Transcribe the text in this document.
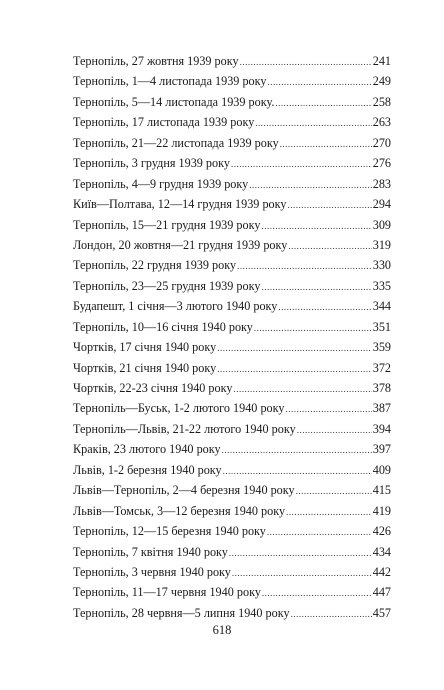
Тернопіль, 27 жовтня 1939 року .....	241
Тернопіль, 1—4 листопада 1939 року .....	249
Тернопіль, 5—14 листопада 1939 року. .....	258
Тернопіль, 17 листопада 1939 року .....	263
Тернопіль, 21—22 листопада 1939 року .....	270
Тернопіль, 3 грудня 1939 року .....	276
Тернопіль, 4—9 грудня 1939 року .....	283
Київ—Полтава, 12—14 грудня 1939 року .....	294
Тернопіль, 15—21 грудня 1939 року .....	309
Лондон, 20 жовтня—21 грудня 1939 року .....	319
Тернопіль, 22 грудня 1939 року .....	330
Тернопіль, 23—25 грудня 1939 року .....	335
Будапешт, 1 січня—3 лютого 1940 року .....	344
Тернопіль, 10—16 січня 1940 року .....	351
Чортків, 17 січня 1940 року .....	359
Чортків, 21 січня 1940 року .....	372
Чортків, 22-23 січня 1940 року .....	378
Тернопіль—Буськ, 1-2 лютого 1940 року .....	387
Тернопіль—Львів, 21-22 лютого 1940 року .....	394
Краків, 23 лютого 1940 року .....	397
Львів, 1-2 березня 1940 року .....	409
Львів—Тернопіль, 2—4 березня 1940 року .....	415
Львів—Томськ, 3—12 березня 1940 року .....	419
Тернопіль, 12—15 березня 1940 року .....	426
Тернопіль, 7 квітня 1940 року .....	434
Тернопіль, 3 червня 1940 року .....	442
Тернопіль, 11—17 червня 1940 року .....	447
Тернопіль, 28 червня—5 липня 1940 року .....	457
618
